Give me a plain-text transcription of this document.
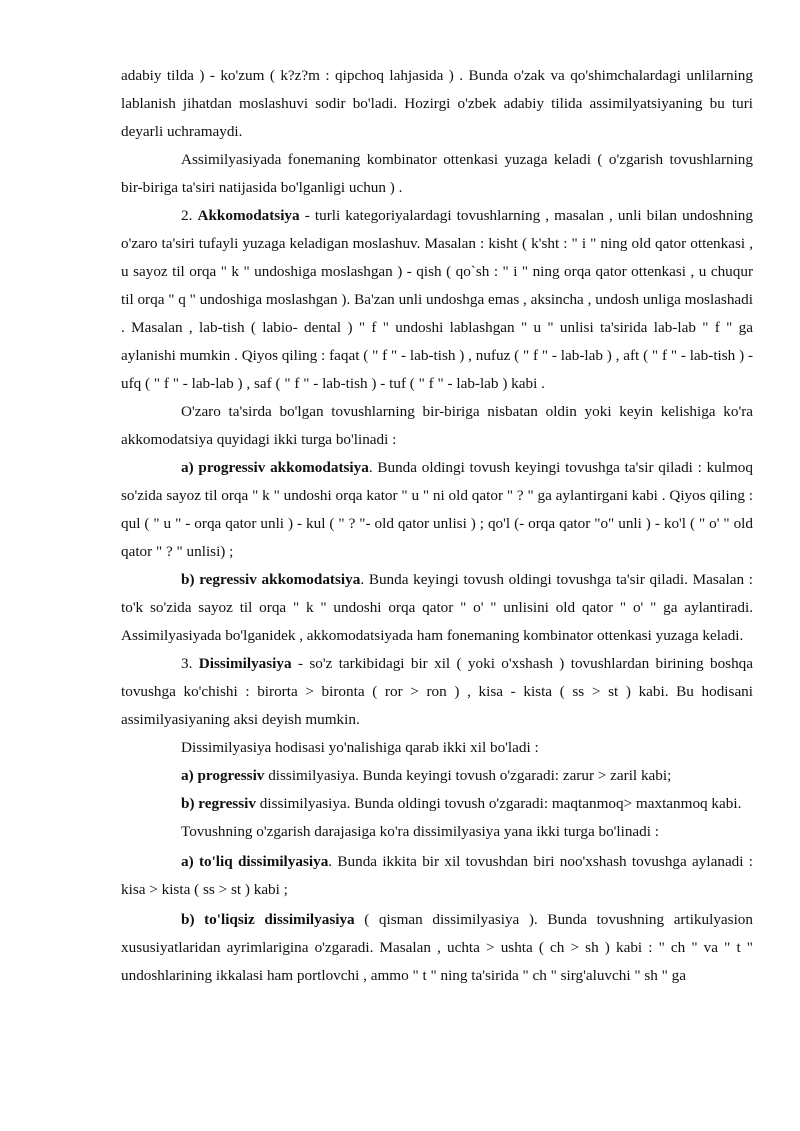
adabiy tilda ) - ko'zum ( k?z?m : qipchoq lahjasida ) . Bunda o'zak va qo'shimchalardagi unlilarning lablanish jihatdan moslashuvi sodir bo'ladi. Hozirgi o'zbek adabiy tilida assimilyatsiyaning bu turi deyarli uchramaydi.

Assimilyasiyada fonemaning kombinator ottenkasi yuzaga keladi ( o'zgarish tovushlarning bir-biriga ta'siri natijasida bo'lganligi uchun ) .

2. Akkomodatsiya - turli kategoriyalardagi tovushlarning , masalan , unli bilan undoshning o'zaro ta'siri tufayli yuzaga keladigan moslashuv. Masalan : kisht ( k'sht : " i " ning old qator ottenkasi , u sayoz til orqa " k " undoshiga moslashgan ) - qish ( qo`sh : " i " ning orqa qator ottenkasi , u chuqur til orqa " q " undoshiga moslashgan ). Ba'zan unli undoshga emas , aksincha , undosh unliga moslashadi . Masalan , lab-tish ( labio- dental ) " f " undoshi lablashgan " u " unlisi ta'sirida lab-lab " f " ga aylanishi mumkin . Qiyos qiling : faqat ( " f " - lab-tish ) , nufuz ( " f " - lab-lab ) , aft ( " f " - lab-tish ) - ufq ( " f " - lab-lab ) , saf ( " f " - lab-tish ) - tuf ( " f " - lab-lab ) kabi .

O'zaro ta'sirda bo'lgan tovushlarning bir-biriga nisbatan oldin yoki keyin kelishiga ko'ra akkomodatsiya quyidagi ikki turga bo'linadi :

a) progressiv akkomodatsiya. Bunda oldingi tovush keyingi tovushga ta'sir qiladi : kulmoq so'zida sayoz til orqa " k " undoshi orqa kator " u " ni old qator " ? " ga aylantirgani kabi . Qiyos qiling : qul ( " u " - orqa qator unli ) - kul ( " ? "- old qator unlisi ) ; qo'l (- orqa qator "o" unli ) - ko'l ( " o' " old qator " ? " unlisi) ;

b) regressiv akkomodatsiya. Bunda keyingi tovush oldingi tovushga ta'sir qiladi. Masalan : to'k so'zida sayoz til orqa " k " undoshi orqa qator " o' " unlisini old qator " o' " ga aylantiradi. Assimilyasiyada bo'lganidek , akkomodatsiyada ham fonemaning kombinator ottenkasi yuzaga keladi.

3. Dissimilyasiya - so'z tarkibidagi bir xil ( yoki o'xshash ) tovushlardan birining boshqa tovushga ko'chishi : birorta > bironta ( ror > ron ) , kisa - kista ( ss > st ) kabi. Bu hodisani assimilyasiyaning aksi deyish mumkin.

Dissimilyasiya hodisasi yo'nalishiga qarab ikki xil bo'ladi :

a) progressiv dissimilyasiya. Bunda keyingi tovush o'zgaradi: zarur > zaril kabi;

b) regressiv dissimilyasiya. Bunda oldingi tovush o'zgaradi: maqtanmoq> maxtanmoq kabi.

Tovushning o'zgarish darajasiga ko'ra dissimilyasiya yana ikki turga bo'linadi :

a) to'liq dissimilyasiya. Bunda ikkita bir xil tovushdan biri noo'xshash tovushga aylanadi : kisa > kista ( ss > st ) kabi ;

b) to'liqsiz dissimilyasiya ( qisman dissimilyasiya ). Bunda tovushning artikulyasion xususiyatlaridan ayrimlarigina o'zgaradi. Masalan , uchta > ushta ( ch > sh ) kabi : " ch " va " t " undoshlarining ikkalasi ham portlovchi , ammo " t " ning ta'sirida " ch " sirg'aluvchi " sh " ga
